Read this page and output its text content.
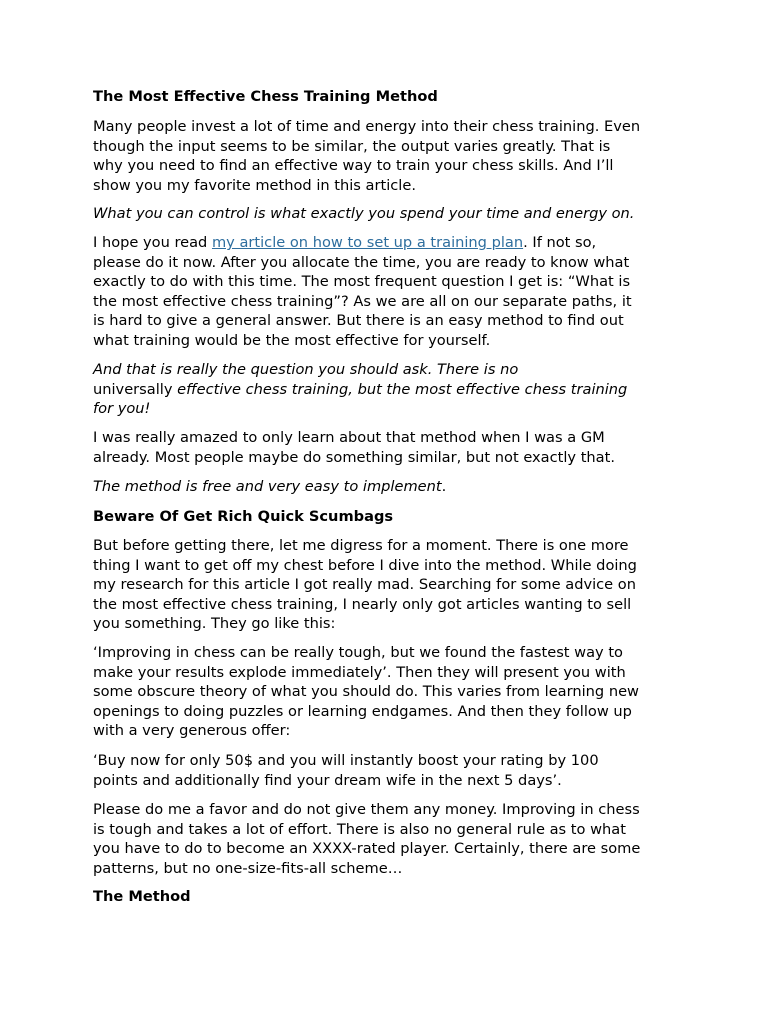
The Most Effective Chess Training Method

Many people invest a lot of time and energy into their chess training. Even
though the input seems to be similar, the output varies greatly. That is
why you need to find an effective way to train your chess skills. And I’ll
show you my favorite method in this article.

What you can control is what exactly you spend your time and energy on.

I hope you read my article on how to set up a training plan. If not so,
please do it now. After you allocate the time, you are ready to know what
exactly to do with this time. The most frequent question I get is: “What is
the most effective chess training”? As we are all on our separate paths, it
is hard to give a general answer. But there is an easy method to find out
what training would be the most effective for yourself.

And that is really the question you should ask. There is no
universally effective chess training, but the most effective chess training
for you!

I was really amazed to only learn about that method when I was a GM
already. Most people maybe do something similar, but not exactly that.

The method is free and very easy to implement.

Beware Of Get Rich Quick Scumbags

But before getting there, let me digress for a moment. There is one more
thing I want to get off my chest before I dive into the method. While doing
my research for this article I got really mad. Searching for some advice on
the most effective chess training, I nearly only got articles wanting to sell
you something. They go like this:

‘Improving in chess can be really tough, but we found the fastest way to
make your results explode immediately’. Then they will present you with
some obscure theory of what you should do. This varies from learning new
openings to doing puzzles or learning endgames. And then they follow up
with a very generous offer:

‘Buy now for only 50$ and you will instantly boost your rating by 100
points and additionally find your dream wife in the next 5 days’.

Please do me a favor and do not give them any money. Improving in chess
is tough and takes a lot of effort. There is also no general rule as to what
you have to do to become an XXXX-rated player. Certainly, there are some
patterns, but no one-size-fits-all scheme…

The Method
